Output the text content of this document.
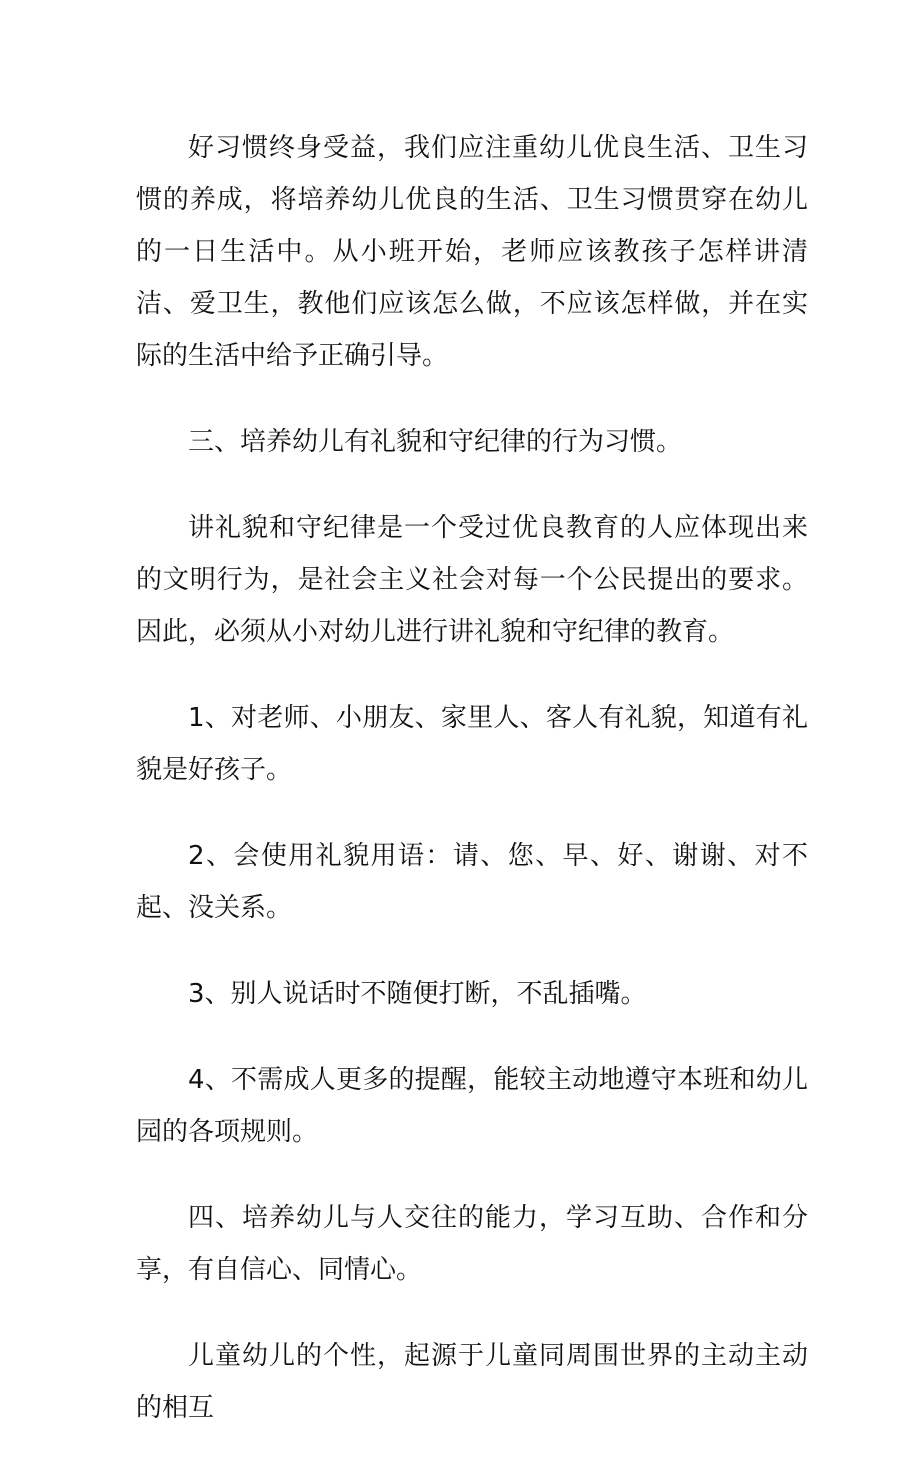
好习惯终身受益，我们应注重幼儿优良生活、卫生习惯的养成，将培养幼儿优良的生活、卫生习惯贯穿在幼儿的一日生活中。从小班开始，老师应该教孩子怎样讲清洁、爱卫生，教他们应该怎么做，不应该怎样做，并在实际的生活中给予正确引导。

三、培养幼儿有礼貌和守纪律的行为习惯。

讲礼貌和守纪律是一个受过优良教育的人应体现出来的文明行为，是社会主义社会对每一个公民提出的要求。因此，必须从小对幼儿进行讲礼貌和守纪律的教育。

1、对老师、小朋友、家里人、客人有礼貌，知道有礼貌是好孩子。

2、会使用礼貌用语：请、您、早、好、谢谢、对不起、没关系。

3、别人说话时不随便打断，不乱插嘴。

4、不需成人更多的提醒，能较主动地遵守本班和幼儿园的各项规则。

四、培养幼儿与人交往的能力，学习互助、合作和分享，有自信心、同情心。

儿童幼儿的个性，起源于儿童同周围世界的主动主动的相互
